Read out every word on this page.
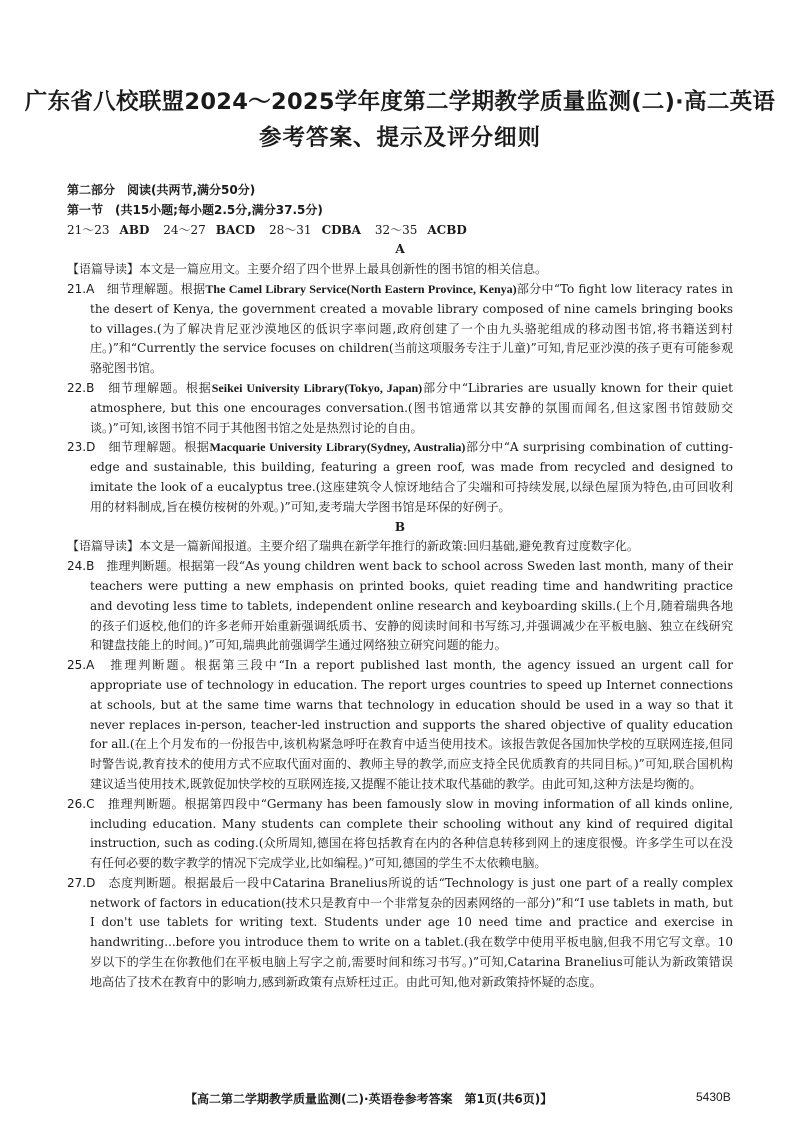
广东省八校联盟2024～2025学年度第二学期教学质量监测(二)·高二英语
参考答案、提示及评分细则

第二部分　阅读(共两节,满分50分)

第一节　(共15小题;每小题2.5分,满分37.5分)

21～23 ABD 24～27 BACD 28～31 CDBA 32～35 ACBD

A

【语篇导读】本文是一篇应用文。主要介绍了四个世界上最具创新性的图书馆的相关信息。

21.A　 细节理解题。根据The Camel Library Service(North Eastern Province, Kenya)部分中“To fight low literacy rates in the desert of Kenya, the government created a movable library composed of nine camels bringing books to villages.(为了解决肯尼亚沙漠地区的低识字率问题,政府创建了一个由九头骆驼组成的移动图书馆,将书籍送到村庄。)”和“Currently the service focuses on children(当前这项服务专注于儿童)”可知,肯尼亚沙漠的孩子更有可能参观骆驼图书馆。

22.B　 细节理解题。根据Seikei University Library(Tokyo, Japan)部分中“Libraries are usually known for their quiet atmosphere, but this one encourages conversation.(图书馆通常以其安静的氛围而闻名,但这家图书馆鼓励交谈。)”可知,该图书馆不同于其他图书馆之处是热烈讨论的自由。

23.D　 细节理解题。根据Macquarie University Library(Sydney, Australia)部分中“A surprising combination of cutting-edge and sustainable, this building, featuring a green roof, was made from recycled and designed to imitate the look of a eucalyptus tree.(这座建筑令人惊讶地结合了尖端和可持续发展,以绿色屋顶为特色,由可回收利用的材料制成,旨在模仿桉树的外观。)”可知,麦考瑞大学图书馆是环保的好例子。

B

【语篇导读】本文是一篇新闻报道。主要介绍了瑞典在新学年推行的新政策:回归基础,避免教育过度数字化。

24.B　 推理判断题。根据第一段“As young children went back to school across Sweden last month, many of their teachers were putting a new emphasis on printed books, quiet reading time and handwriting practice and devoting less time to tablets, independent online research and keyboarding skills.(上个月,随着瑞典各地的孩子们返校,他们的许多老师开始重新强调纸质书、安静的阅读时间和书写练习,并强调减少在平板电脑、独立在线研究和键盘技能上的时间。)”可知,瑞典此前强调学生通过网络独立研究问题的能力。

25.A　 推理判断题。根据第三段中“In a report published last month, the agency issued an urgent call for appropriate use of technology in education. The report urges countries to speed up Internet connections at schools, but at the same time warns that technology in education should be used in a way so that it never replaces in-person, teacher-led instruction and supports the shared objective of quality education for all.(在上个月发布的一份报告中,该机构紧急呼吁在教育中适当使用技术。该报告敦促各国加快学校的互联网连接,但同时警告说,教育技术的使用方式不应取代面对面的、教师主导的教学,而应支持全民优质教育的共同目标。)”可知,联合国机构建议适当使用技术,既敦促加快学校的互联网连接,又提醒不能让技术取代基础的教学。由此可知,这种方法是均衡的。

26.C　 推理判断题。根据第四段中“Germany has been famously slow in moving information of all kinds online, including education. Many students can complete their schooling without any kind of required digital instruction, such as coding.(众所周知,德国在将包括教育在内的各种信息转移到网上的速度很慢。许多学生可以在没有任何必要的数字教学的情况下完成学业,比如编程。)”可知,德国的学生不太依赖电脑。

27.D　 态度判断题。根据最后一段中Catarina Branelius所说的话“Technology is just one part of a really complex network of factors in education(技术只是教育中一个非常复杂的因素网络的一部分)”和“I use tablets in math, but I don't use tablets for writing text. Students under age 10 need time and practice and exercise in handwriting...before you introduce them to write on a tablet.(我在数学中使用平板电脑,但我不用它写文章。10岁以下的学生在你教他们在平板电脑上写字之前,需要时间和练习书写。)”可知,Catarina Branelius可能认为新政策错误地高估了技术在教育中的影响力,感到新政策有点矫枉过正。由此可知,他对新政策持怀疑的态度。

【高二第二学期教学质量监测(二)·英语卷参考答案　第1页(共6页)】	5430B
